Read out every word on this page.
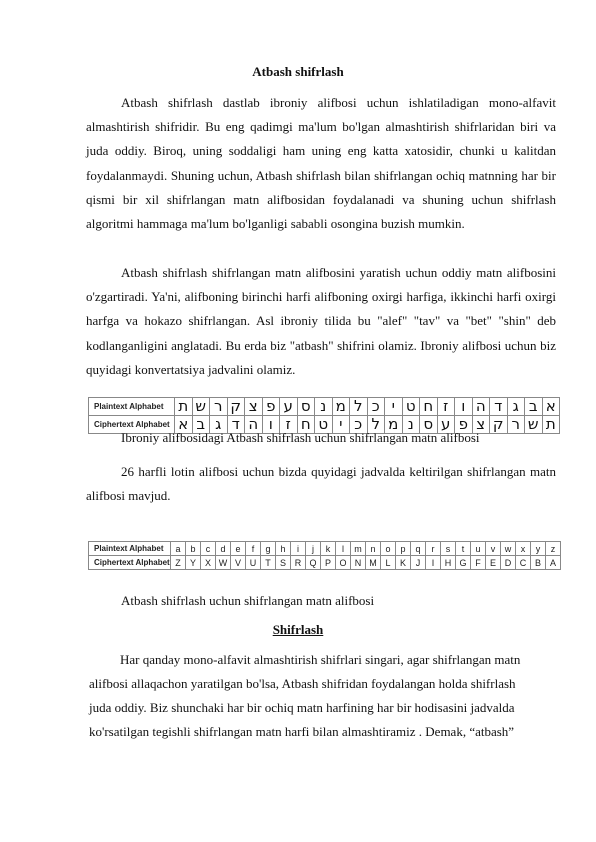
Atbash shifrlash
Atbash shifrlash dastlab ibroniy alifbosi uchun ishlatiladigan mono-alfavit almashtirish shifridir. Bu eng qadimgi ma'lum bo'lgan almashtirish shifrlaridan biri va juda oddiy. Biroq, uning soddaligi ham uning eng katta xatosidir, chunki u kalitdan foydalanmaydi. Shuning uchun, Atbash shifrlash bilan shifrlangan ochiq matnning har bir qismi bir xil shifrlangan matn alifbosidan foydalanadi va shuning uchun shifrlash algoritmi hammaga ma'lum bo'lganligi sababli osongina buzish mumkin.
Atbash shifrlash shifrlangan matn alifbosini yaratish uchun oddiy matn alifbosini o'zgartiradi. Ya'ni, alifboning birinchi harfi alifboning oxirgi harfiga, ikkinchi harfi oxirgi harfga va hokazo shifrlangan. Asl ibroniy tilida bu "alef" "tav" va "bet" "shin" deb kodlanganligini anglatadi. Bu erda biz "atbash" shifrini olamiz. Ibroniy alifbosi uchun biz quyidagi konvertatsiya jadvalini olamiz.
Plaintext Alphabet	ת	ש	ר	ק	צ	פ	ע	ס	נ	מ	ל	כ	י	ט	ח	ז	ו	ה	ד	ג	ב	א
Ciphertext Alphabet	א	ב	ג	ד	ה	ו	ז	ח	ט	י	כ	ל	מ	נ	ס	ע	פ	צ	ק	ר	ש	ת
Ibroniy alifbosidagi Atbash shifrlash uchun shifrlangan matn alifbosi
26 harfli lotin alifbosi uchun bizda quyidagi jadvalda keltirilgan shifrlangan matn alifbosi mavjud.
Plaintext Alphabet	a	b	c	d	e	f	g	h	i	j	k	l	m	n	o	p	q	r	s	t	u	v	w	x	y	z
Ciphertext Alphabet	Z	Y	X	W	V	U	T	S	R	Q	P	O	N	M	L	K	J	I	H	G	F	E	D	C	B	A
Atbash shifrlash uchun shifrlangan matn alifbosi
Shifrlash
Har qanday mono-alfavit almashtirish shifrlari singari, agar shifrlangan matn
alifbosi allaqachon yaratilgan bo'lsa, Atbash shifridan foydalangan holda shifrlash
juda oddiy. Biz shunchaki har bir ochiq matn harfining har bir hodisasini jadvalda
ko'rsatilgan tegishli shifrlangan matn harfi bilan almashtiramiz . Demak, “atbash”
